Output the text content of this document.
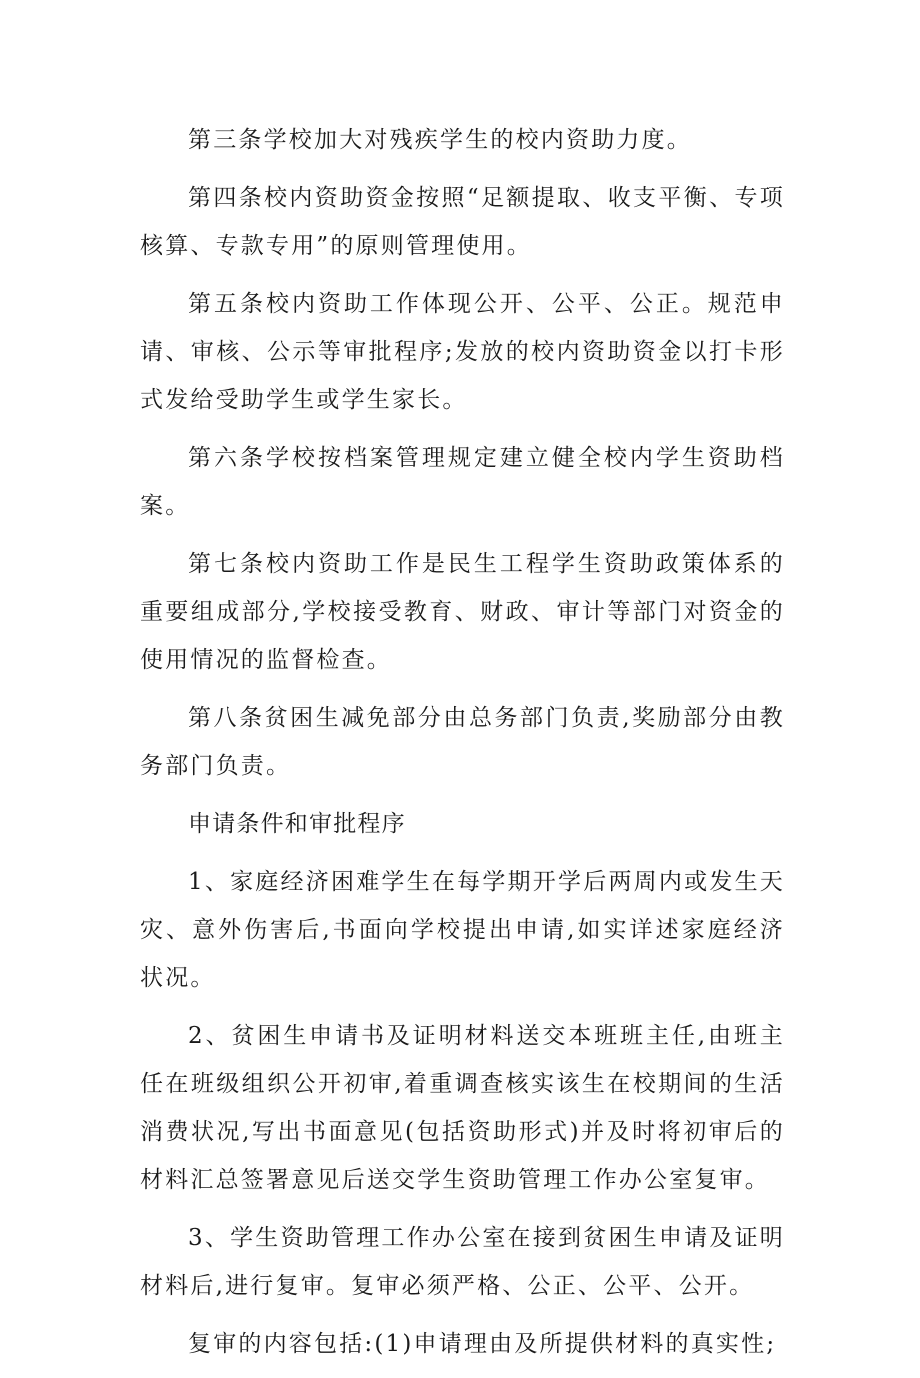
第三条学校加大对残疾学生的校内资助力度。

第四条校内资助资金按照“足额提取、收支平衡、专项核算、专款专用”的原则管理使用。

第五条校内资助工作体现公开、公平、公正。规范申请、审核、公示等审批程序;发放的校内资助资金以打卡形式发给受助学生或学生家长。

第六条学校按档案管理规定建立健全校内学生资助档案。

第七条校内资助工作是民生工程学生资助政策体系的重要组成部分,学校接受教育、财政、审计等部门对资金的使用情况的监督检查。

第八条贫困生减免部分由总务部门负责,奖励部分由教务部门负责。

申请条件和审批程序

1、家庭经济困难学生在每学期开学后两周内或发生天灾、意外伤害后,书面向学校提出申请,如实详述家庭经济状况。

2、贫困生申请书及证明材料送交本班班主任,由班主任在班级组织公开初审,着重调查核实该生在校期间的生活消费状况,写出书面意见(包括资助形式)并及时将初审后的材料汇总签署意见后送交学生资助管理工作办公室复审。

3、学生资助管理工作办公室在接到贫困生申请及证明材料后,进行复审。复审必须严格、公正、公平、公开。

复审的内容包括:(1)申请理由及所提供材料的真实性;
